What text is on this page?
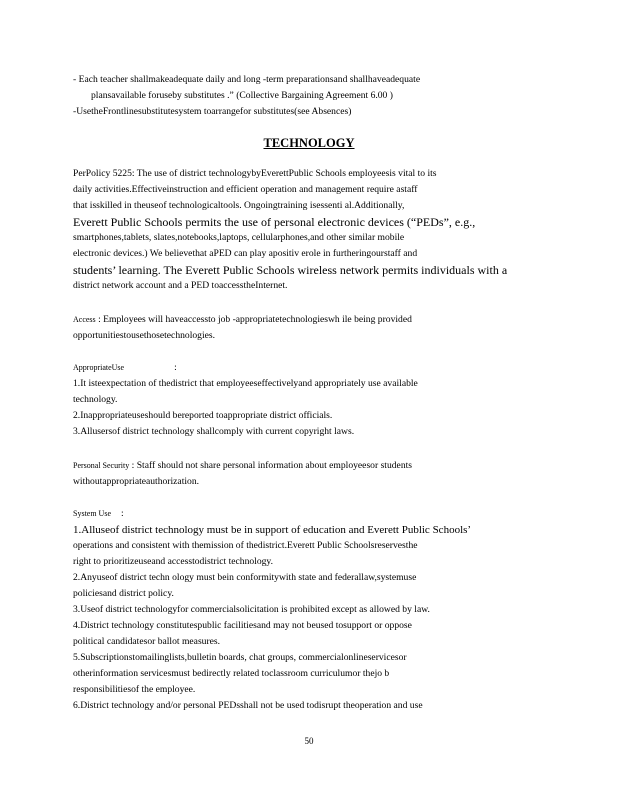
- Each teacher shallmakeadequate daily and long -term preparationsand shallhaveadequate
plansavailable foruseby substitutes .” (Collective Bargaining Agreement 6.00 )
-UsetheFrontlinesubstitutesystem toarrangefor substitutes(see Absences)
TECHNOLOGY
PerPolicy 5225: The use of district technologybyEverettPublic Schools employeesis vital to its
daily activities.Effectiveinstruction and efficient operation and management require astaff
that isskilled in theuseof technologicaltools. Ongoingtraining isessenti al.Additionally,
Everett Public Schools permits the use of personal electronic devices (“PEDs”, e.g.,
smartphones,tablets, slates,notebooks,laptops, cellularphones,and other similar mobile
electronic devices.) We believethat aPED can play apositiv erole in furtheringourstaff and
students’ learning. The Everett Public Schools wireless network permits individuals with a
district network account and a PED toaccesstheInternet.
Access : Employees will haveaccessto job -appropriatetechnologieswh ile being provided
opportunitiestousethosetechnologies.
AppropriateUse	:
1.It isteexpectation of thedistrict that employeeseffectivelyand appropriately use available
technology.
2.Inappropriateuseshould bereported toappropriate district officials.
3.Allusersof district technology shallcomply with current copyright laws.
Personal Security : Staff should not share personal information about employeesor students
withoutappropriateauthorization.
System Use :
1.Alluseof district technology must be in support of education and Everett Public Schools’
operations and consistent with themission of thedistrict.Everett Public Schoolsreservesthe
right to prioritizeuseand accesstodistrict technology.
2.Anyuseof district techn ology must bein conformitywith state and federallaw,systemuse
policiesand district policy.
3.Useof district technologyfor commercialsolicitation is prohibited except as allowed by law.
4.District technology constitutespublic facilitiesand may not beused tosupport or oppose
political candidatesor ballot measures.
5.Subscriptionstomailinglists,bulletin boards, chat groups, commercialonlineservicesor
otherinformation servicesmust bedirectly related toclassroom curriculumor thejo b
responsibilitiesof the employee.
6.District technology and/or personal PEDsshall not be used todisrupt theoperation and use
50
